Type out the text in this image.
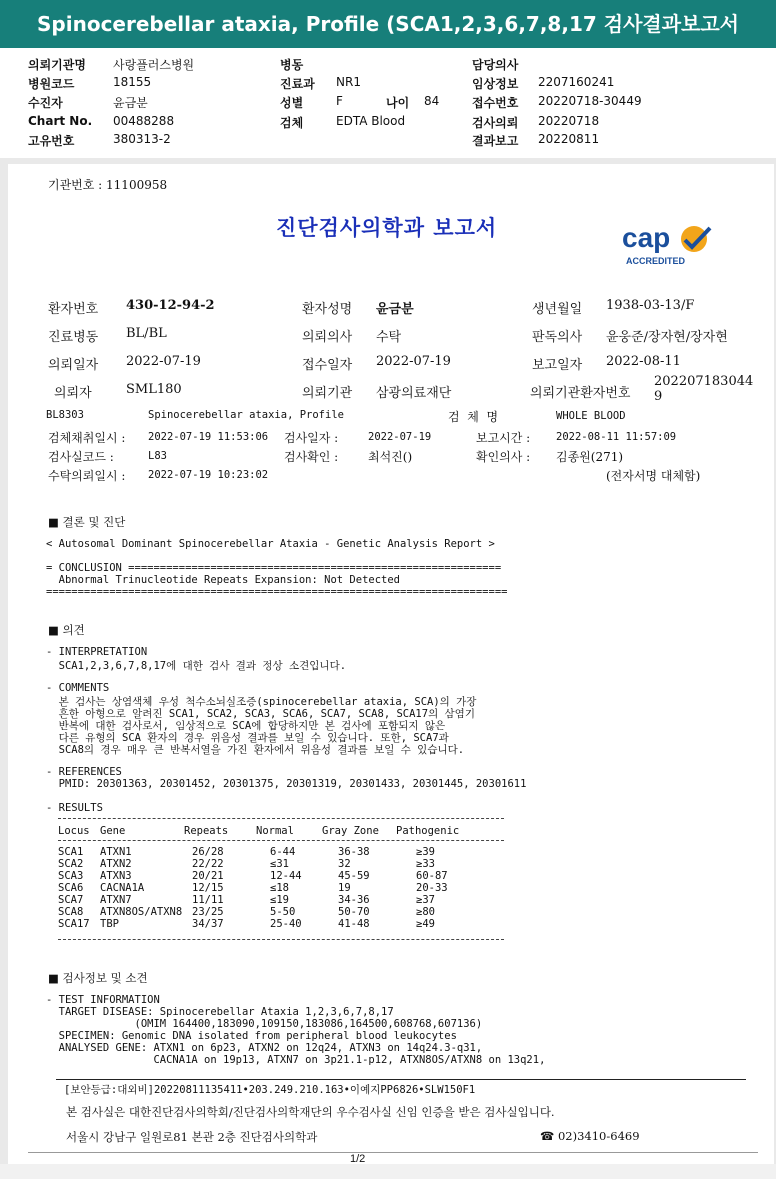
Spinocerebellar ataxia, Profile (SCA1,2,3,6,7,8,17 검사결과보고서
의뢰기관명 사랑플러스병원
병원코드	18155
수진자	윤금분
Chart No. 00488288
고유번호	380313-2
병동
진료과 NR1
성별	F	나이 84
검체	EDTA Blood
담당의사
임상정보 2207160241
접수번호 20220718-30449
검사의뢰 20220718
결과보고 20220811
기관번호 : 11100958
진단검사의학과 보고서	cap
ACCREDITED
환자번호 430-12-94-2	환자성명 윤금분	생년월일 1938-03-13/F
진료병동 BL/BL	의뢰의사 수탁	판독의사 윤웅준/장자현/장자현
의뢰일자 2022-07-19	접수일자 2022-07-19	보고일자 2022-08-11
의뢰자	SML180	의뢰기관 삼광의료재단	의뢰기관환자번호
202207183044
9
BL8303	Spinocerebellar ataxia, Profile	검  체  명	WHOLE BLOOD
검체채취일시 : 2022-07-19 11:53:06 검사일자 :	2022-07-19	보고시간 : 2022-08-11 11:57:09
검사실코드 :	L83	검사확인 : 최석진()	확인의사 : 김종원(271)
수탁의뢰일시 : 2022-07-19 10:23:02	(전자서명 대체함)
■ 결론 및 진단
< Autosomal Dominant Spinocerebellar Ataxia - Genetic Analysis Report >
= CONCLUSION ===========================================================
Abnormal Trinucleotide Repeats Expansion: Not Detected
=========================================================================
■ 의견
- INTERPRETATION
SCA1,2,3,6,7,8,17에 대한 검사 결과 정상 소견입니다.
- COMMENTS
본 검사는 상염색체 우성 척수소뇌실조증(spinocerebellar ataxia, SCA)의 가장
흔한 아형으로 알려진 SCA1, SCA2, SCA3, SCA6, SCA7, SCA8, SCA17의 삼염기
반복에 대한 검사로서, 임상적으로 SCA에 합당하지만 본 검사에 포함되지 않은
다른 유형의 SCA 환자의 경우 위음성 결과를 보일 수 있습니다. 또한, SCA7과
SCA8의 경우 매우 큰 반복서열을 가진 환자에서 위음성 결과를 보일 수 있습니다.
- REFERENCES
PMID: 20301363, 20301452, 20301375, 20301319, 20301433, 20301445, 20301611
- RESULTS
Locus Gene	Repeats	Normal	Gray Zone Pathogenic
SCA1 ATXN1	26/28	6-44	36-38	≥39
SCA2 ATXN2	22/22	≤31	32	≥33
SCA3 ATXN3	20/21	12-44	45-59	60-87
SCA6 CACNA1A	12/15	≤18	19	20-33
SCA7 ATXN7	11/11	≤19	34-36	≥37
SCA8 ATXN8OS/ATXN8 23/25	5-50	50-70	≥80
SCA17 TBP	34/37	25-40	41-48	≥49
■ 검사정보 및 소견
- TEST INFORMATION
TARGET DISEASE: Spinocerebellar Ataxia 1,2,3,6,7,8,17
(OMIM 164400,183090,109150,183086,164500,608768,607136)
SPECIMEN: Genomic DNA isolated from peripheral blood leukocytes
ANALYSED GENE: ATXN1 on 6p23, ATXN2 on 12q24, ATXN3 on 14q24.3-q31,
CACNA1A on 19p13, ATXN7 on 3p21.1-p12, ATXN8OS/ATXN8 on 13q21,
[보안등급:대외비]20220811135411•203.249.210.163•이예지PP6826•SLW150F1
본 검사실은 대한진단검사의학회/진단검사의학재단의 우수검사실 신임 인증을 받은 검사실입니다.
서울시 강남구 일원로81 본관 2층 진단검사의학과	☎ 02)3410-6469
1/2
